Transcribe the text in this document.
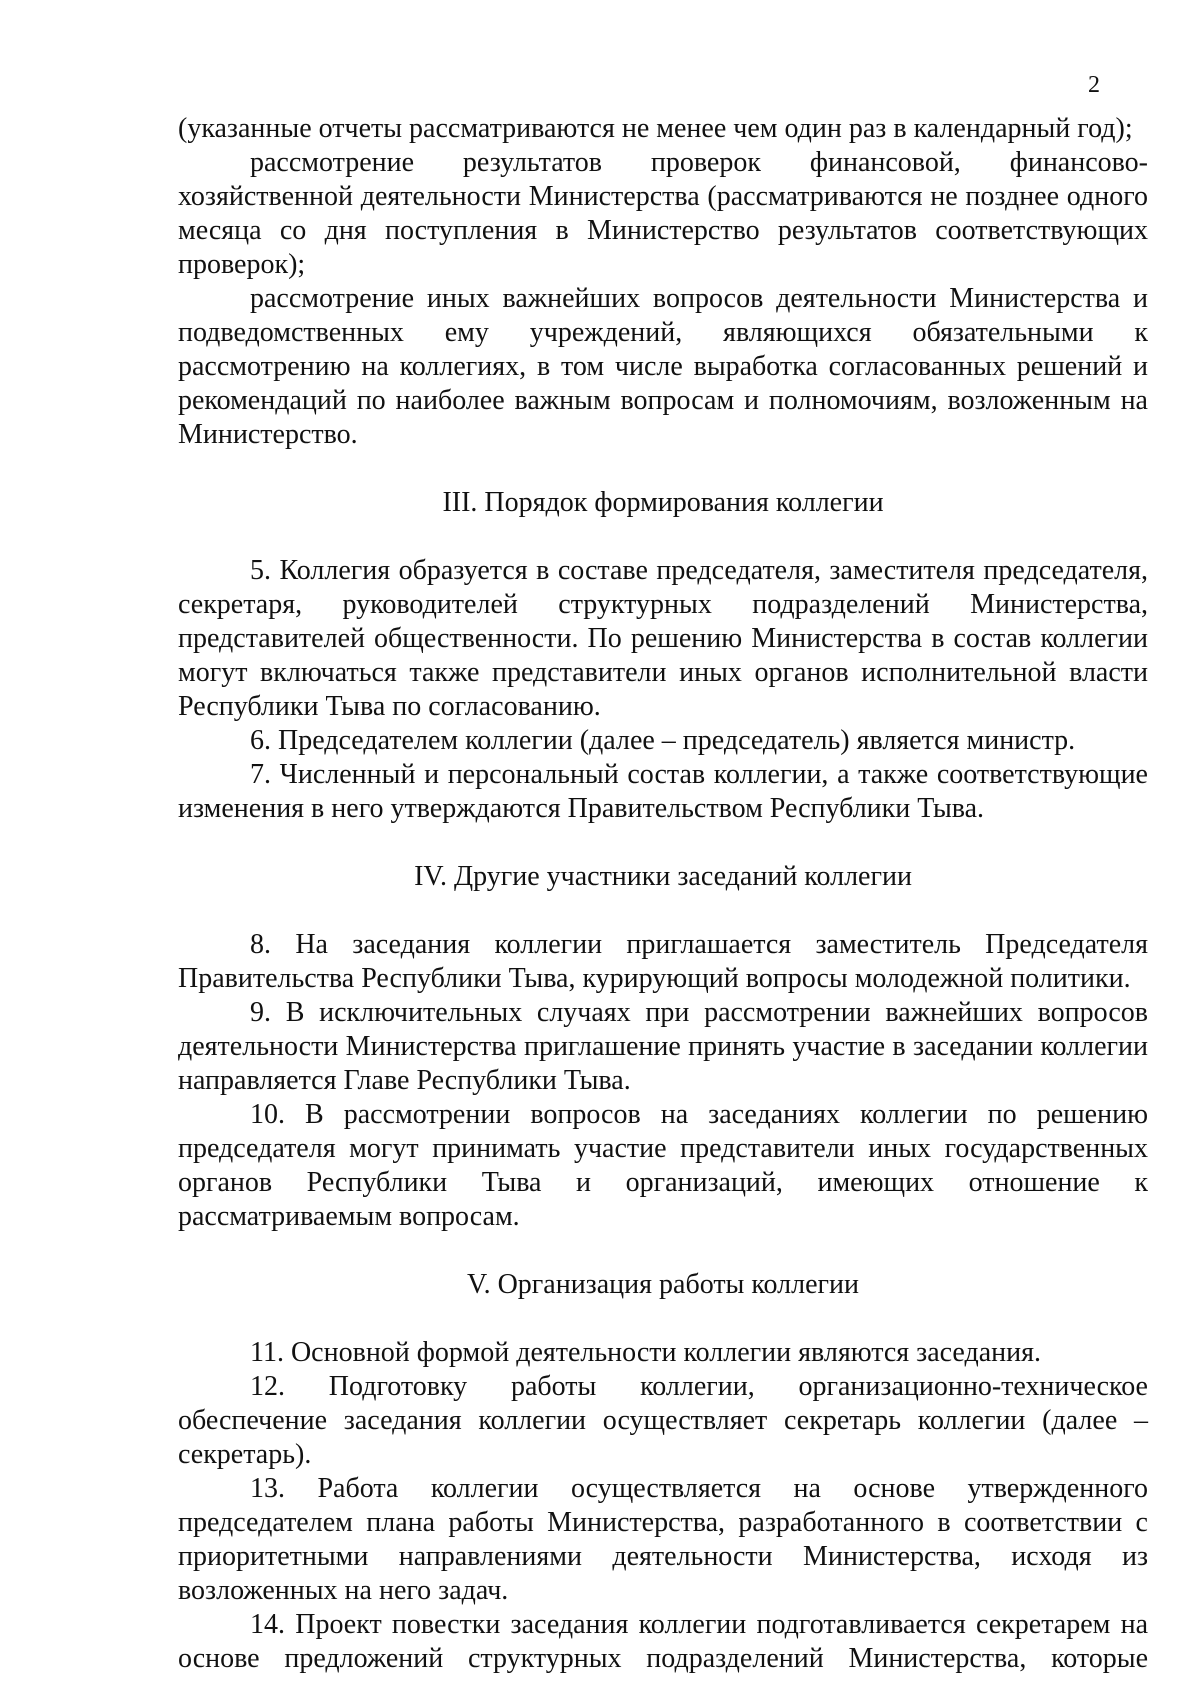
2

(указанные отчеты рассматриваются не менее чем один раз в календарный год);

рассмотрение результатов проверок финансовой, финансово-хозяйственной деятельности Министерства (рассматриваются не позднее одного месяца со дня поступления в Министерство результатов соответствующих проверок);

рассмотрение иных важнейших вопросов деятельности Министерства и подведомственных ему учреждений, являющихся обязательными к рассмотрению на коллегиях, в том числе выработка согласованных решений и рекомендаций по наиболее важным вопросам и полномочиям, возложенным на Министерство.

III. Порядок формирования коллегии

5. Коллегия образуется в составе председателя, заместителя председателя, секретаря, руководителей структурных подразделений Министерства, представителей общественности. По решению Министерства в состав коллегии могут включаться также представители иных органов исполнительной власти Республики Тыва по согласованию.

6. Председателем коллегии (далее – председатель) является министр.

7. Численный и персональный состав коллегии, а также соответствующие изменения в него утверждаются Правительством Республики Тыва.

IV. Другие участники заседаний коллегии

8. На заседания коллегии приглашается заместитель Председателя Правительства Республики Тыва, курирующий вопросы молодежной политики.

9. В исключительных случаях при рассмотрении важнейших вопросов деятельности Министерства приглашение принять участие в заседании коллегии направляется Главе Республики Тыва.

10. В рассмотрении вопросов на заседаниях коллегии по решению председателя могут принимать участие представители иных государственных органов Республики Тыва и организаций, имеющих отношение к рассматриваемым вопросам.

V. Организация работы коллегии

11. Основной формой деятельности коллегии являются заседания.

12. Подготовку работы коллегии, организационно-техническое обеспечение заседания коллегии осуществляет секретарь коллегии (далее – секретарь).

13. Работа коллегии осуществляется на основе утвержденного председателем плана работы Министерства, разработанного в соответствии с приоритетными направлениями деятельности Министерства, исходя из возложенных на него задач.

14. Проект повестки заседания коллегии подготавливается секретарем на основе предложений структурных подразделений Министерства, которые
